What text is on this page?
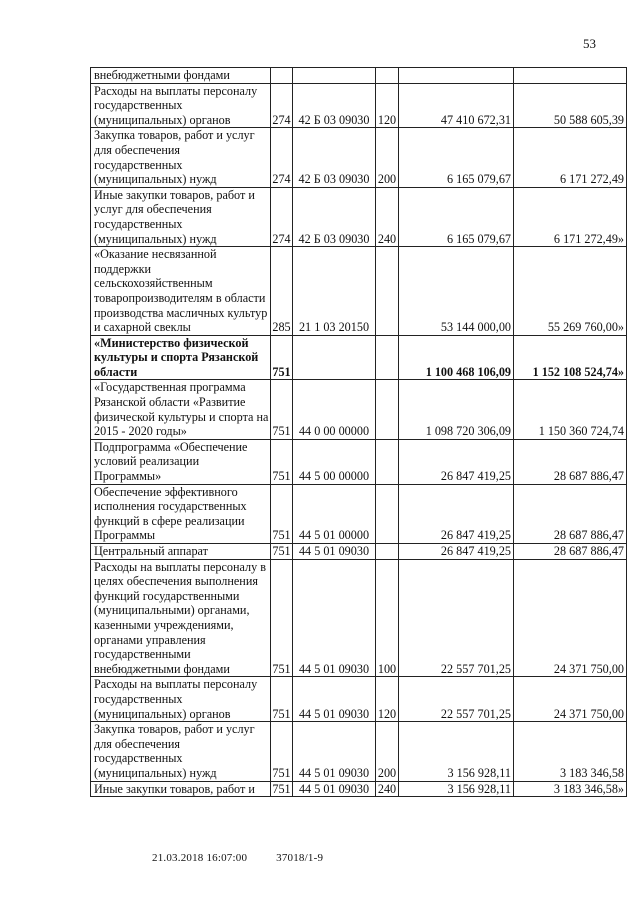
53
внебюджетными фондами					
Расходы на выплаты персоналу государственных (муниципальных) органов	274	42 Б 03 09030	120	47 410 672,31	50 588 605,39
Закупка товаров, работ и услуг для обеспечения государственных (муниципальных) нужд	274	42 Б 03 09030	200	6 165 079,67	6 171 272,49
Иные закупки товаров, работ и услуг для обеспечения государственных (муниципальных) нужд	274	42 Б 03 09030	240	6 165 079,67	6 171 272,49»
«Оказание несвязанной поддержки сельскохозяйственным товаропроизводителям в области производства масличных культур и сахарной свеклы	285	21 1 03 20150		53 144 000,00	55 269 760,00»
«Министерство физической культуры и спорта Рязанской области	751			1 100 468 106,09	1 152 108 524,74»
«Государственная программа Рязанской области «Развитие физической культуры и спорта на 2015 - 2020 годы»	751	44 0 00 00000		1 098 720 306,09	1 150 360 724,74
Подпрограмма «Обеспечение условий реализации Программы»	751	44 5 00 00000		26 847 419,25	28 687 886,47
Обеспечение эффективного исполнения государственных функций в сфере реализации Программы	751	44 5 01 00000		26 847 419,25	28 687 886,47
Центральный аппарат	751	44 5 01 09030		26 847 419,25	28 687 886,47
Расходы на выплаты персоналу в целях обеспечения выполнения функций государственными (муниципальными) органами, казенными учреждениями, органами управления государственными внебюджетными фондами	751	44 5 01 09030	100	22 557 701,25	24 371 750,00
Расходы на выплаты персоналу государственных (муниципальных) органов	751	44 5 01 09030	120	22 557 701,25	24 371 750,00
Закупка товаров, работ и услуг для обеспечения государственных (муниципальных) нужд	751	44 5 01 09030	200	3 156 928,11	3 183 346,58
Иные закупки товаров, работ и	751	44 5 01 09030	240	3 156 928,11	3 183 346,58»
21.03.2018 16:07:00	37018/1-9
